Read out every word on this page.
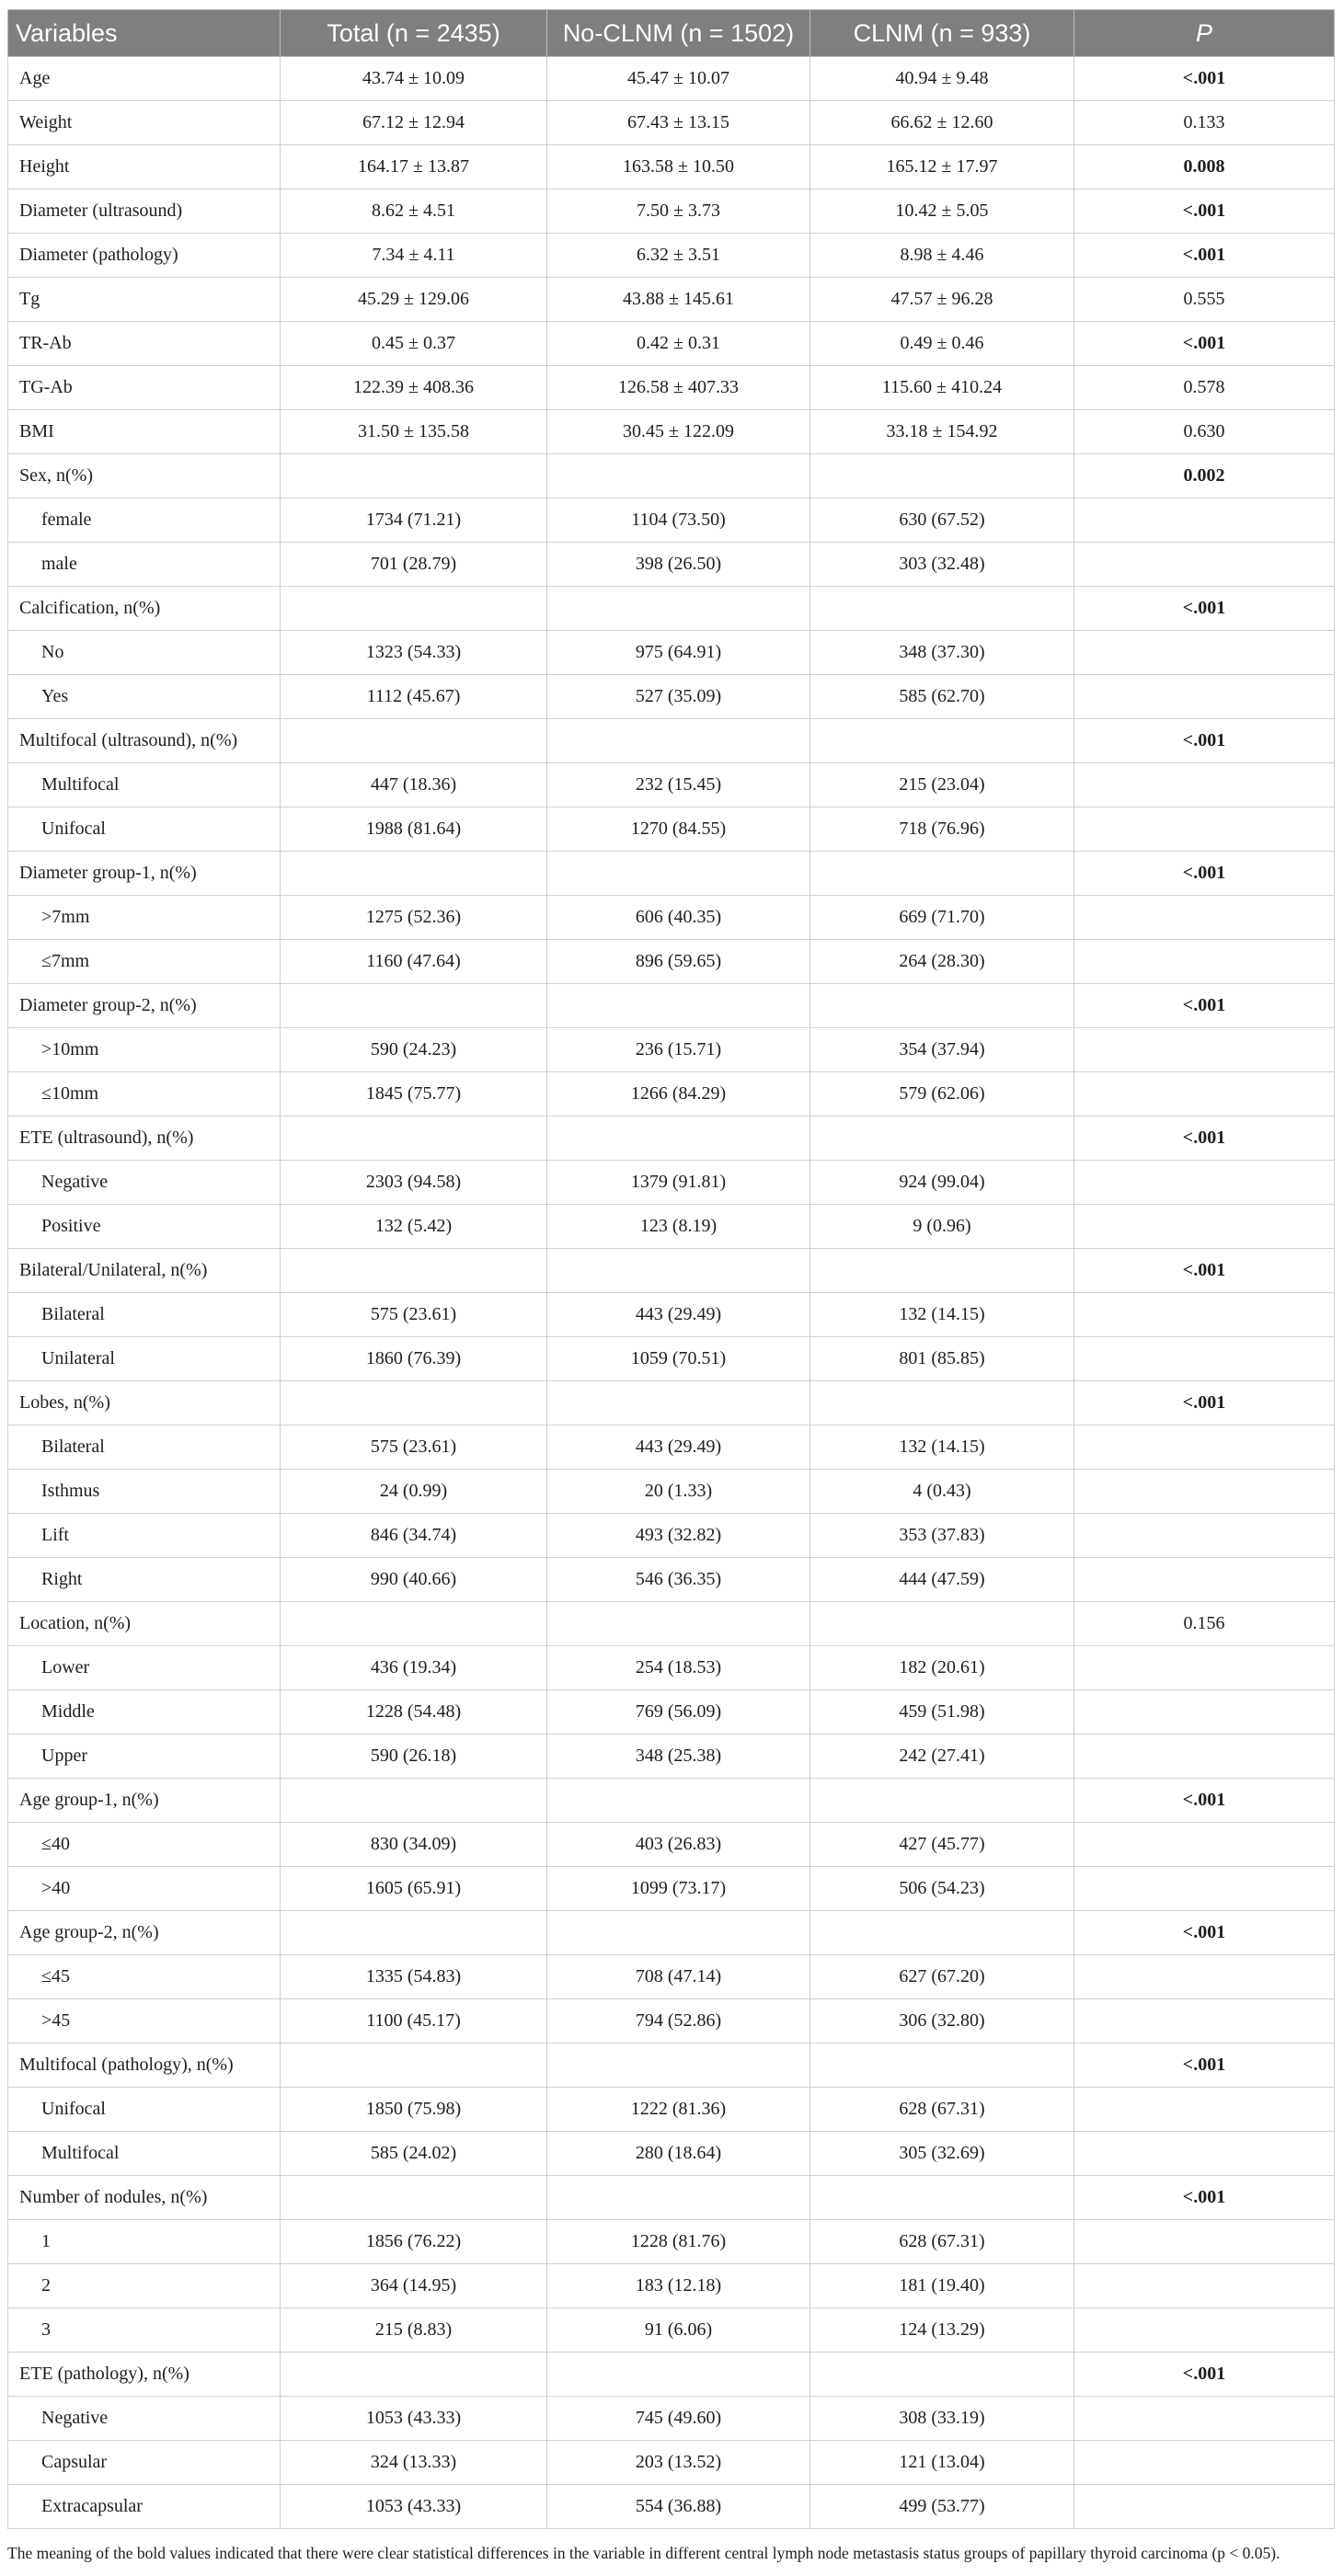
Variables	Total (n = 2435)	No-CLNM (n = 1502)	CLNM (n = 933)	P
Age	43.74 ± 10.09	45.47 ± 10.07	40.94 ± 9.48	<.001
Weight	67.12 ± 12.94	67.43 ± 13.15	66.62 ± 12.60	0.133
Height	164.17 ± 13.87	163.58 ± 10.50	165.12 ± 17.97	0.008
Diameter (ultrasound)	8.62 ± 4.51	7.50 ± 3.73	10.42 ± 5.05	<.001
Diameter (pathology)	7.34 ± 4.11	6.32 ± 3.51	8.98 ± 4.46	<.001
Tg	45.29 ± 129.06	43.88 ± 145.61	47.57 ± 96.28	0.555
TR-Ab	0.45 ± 0.37	0.42 ± 0.31	0.49 ± 0.46	<.001
TG-Ab	122.39 ± 408.36	126.58 ± 407.33	115.60 ± 410.24	0.578
BMI	31.50 ± 135.58	30.45 ± 122.09	33.18 ± 154.92	0.630
Sex, n(%)				0.002
female	1734 (71.21)	1104 (73.50)	630 (67.52)	
male	701 (28.79)	398 (26.50)	303 (32.48)	
Calcification, n(%)				<.001
No	1323 (54.33)	975 (64.91)	348 (37.30)	
Yes	1112 (45.67)	527 (35.09)	585 (62.70)	
Multifocal (ultrasound), n(%)				<.001
Multifocal	447 (18.36)	232 (15.45)	215 (23.04)	
Unifocal	1988 (81.64)	1270 (84.55)	718 (76.96)	
Diameter group-1, n(%)				<.001
>7mm	1275 (52.36)	606 (40.35)	669 (71.70)	
≤7mm	1160 (47.64)	896 (59.65)	264 (28.30)	
Diameter group-2, n(%)				<.001
>10mm	590 (24.23)	236 (15.71)	354 (37.94)	
≤10mm	1845 (75.77)	1266 (84.29)	579 (62.06)	
ETE (ultrasound), n(%)				<.001
Negative	2303 (94.58)	1379 (91.81)	924 (99.04)	
Positive	132 (5.42)	123 (8.19)	9 (0.96)	
Bilateral/Unilateral, n(%)				<.001
Bilateral	575 (23.61)	443 (29.49)	132 (14.15)	
Unilateral	1860 (76.39)	1059 (70.51)	801 (85.85)	
Lobes, n(%)				<.001
Bilateral	575 (23.61)	443 (29.49)	132 (14.15)	
Isthmus	24 (0.99)	20 (1.33)	4 (0.43)	
Lift	846 (34.74)	493 (32.82)	353 (37.83)	
Right	990 (40.66)	546 (36.35)	444 (47.59)	
Location, n(%)				0.156
Lower	436 (19.34)	254 (18.53)	182 (20.61)	
Middle	1228 (54.48)	769 (56.09)	459 (51.98)	
Upper	590 (26.18)	348 (25.38)	242 (27.41)	
Age group-1, n(%)				<.001
≤40	830 (34.09)	403 (26.83)	427 (45.77)	
>40	1605 (65.91)	1099 (73.17)	506 (54.23)	
Age group-2, n(%)				<.001
≤45	1335 (54.83)	708 (47.14)	627 (67.20)	
>45	1100 (45.17)	794 (52.86)	306 (32.80)	
Multifocal (pathology), n(%)				<.001
Unifocal	1850 (75.98)	1222 (81.36)	628 (67.31)	
Multifocal	585 (24.02)	280 (18.64)	305 (32.69)	
Number of nodules, n(%)				<.001
1	1856 (76.22)	1228 (81.76)	628 (67.31)	
2	364 (14.95)	183 (12.18)	181 (19.40)	
3	215 (8.83)	91 (6.06)	124 (13.29)	
ETE (pathology), n(%)				<.001
Negative	1053 (43.33)	745 (49.60)	308 (33.19)	
Capsular	324 (13.33)	203 (13.52)	121 (13.04)	
Extracapsular	1053 (43.33)	554 (36.88)	499 (53.77)	
The meaning of the bold values indicated that there were clear statistical differences in the variable in different central lymph node metastasis status groups of papillary thyroid carcinoma (p < 0.05).
